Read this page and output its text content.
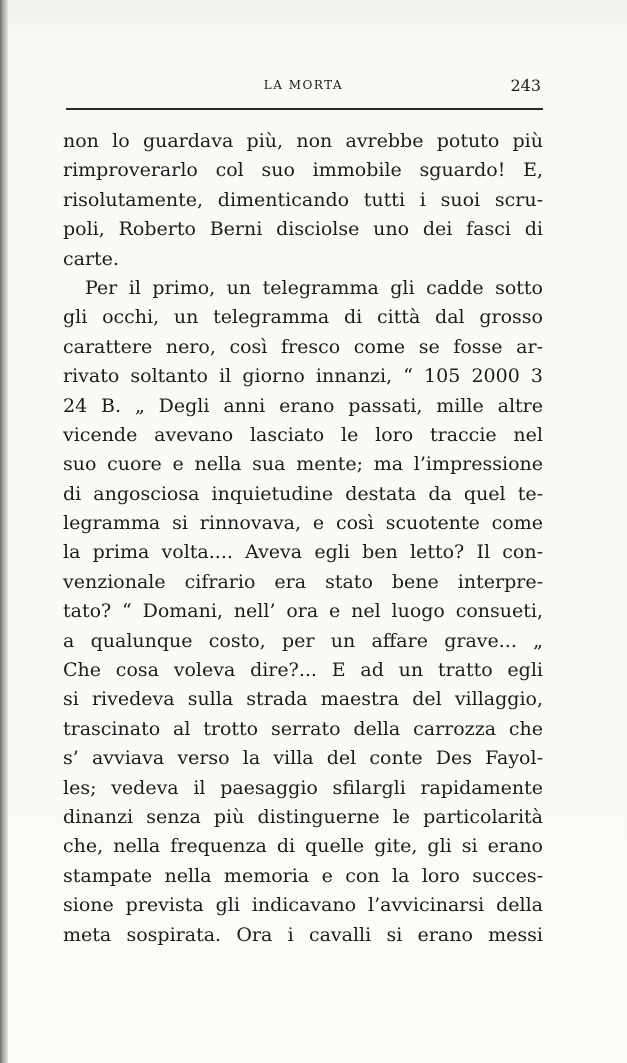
LA MORTA	243
non lo guardava più, non avrebbe potuto più
rimproverarlo col suo immobile sguardo! E,
risolutamente, dimenticando tutti i suoi scru-
poli, Roberto Berni disciolse uno dei fasci di
carte.
Per il primo, un telegramma gli cadde sotto
gli occhi, un telegramma di città dal grosso
carattere nero, così fresco come se fosse ar-
rivato soltanto il giorno innanzi, “ 105 2000 3
24 B. „ Degli anni erano passati, mille altre
vicende avevano lasciato le loro traccie nel
suo cuore e nella sua mente; ma l’impressione
di angosciosa inquietudine destata da quel te-
legramma si rinnovava, e così scuotente come
la prima volta.... Aveva egli ben letto? Il con-
venzionale cifrario era stato bene interpre-
tato? “ Domani, nell’ ora e nel luogo consueti,
a qualunque costo, per un affare grave... „
Che cosa voleva dire?... E ad un tratto egli
si rivedeva sulla strada maestra del villaggio,
trascinato al trotto serrato della carrozza che
s’ avviava verso la villa del conte Des Fayol-
les; vedeva il paesaggio sfilargli rapidamente
dinanzi senza più distinguerne le particolarità
che, nella frequenza di quelle gite, gli si erano
stampate nella memoria e con la loro succes-
sione prevista gli indicavano l’avvicinarsi della
meta sospirata. Ora i cavalli si erano messi
